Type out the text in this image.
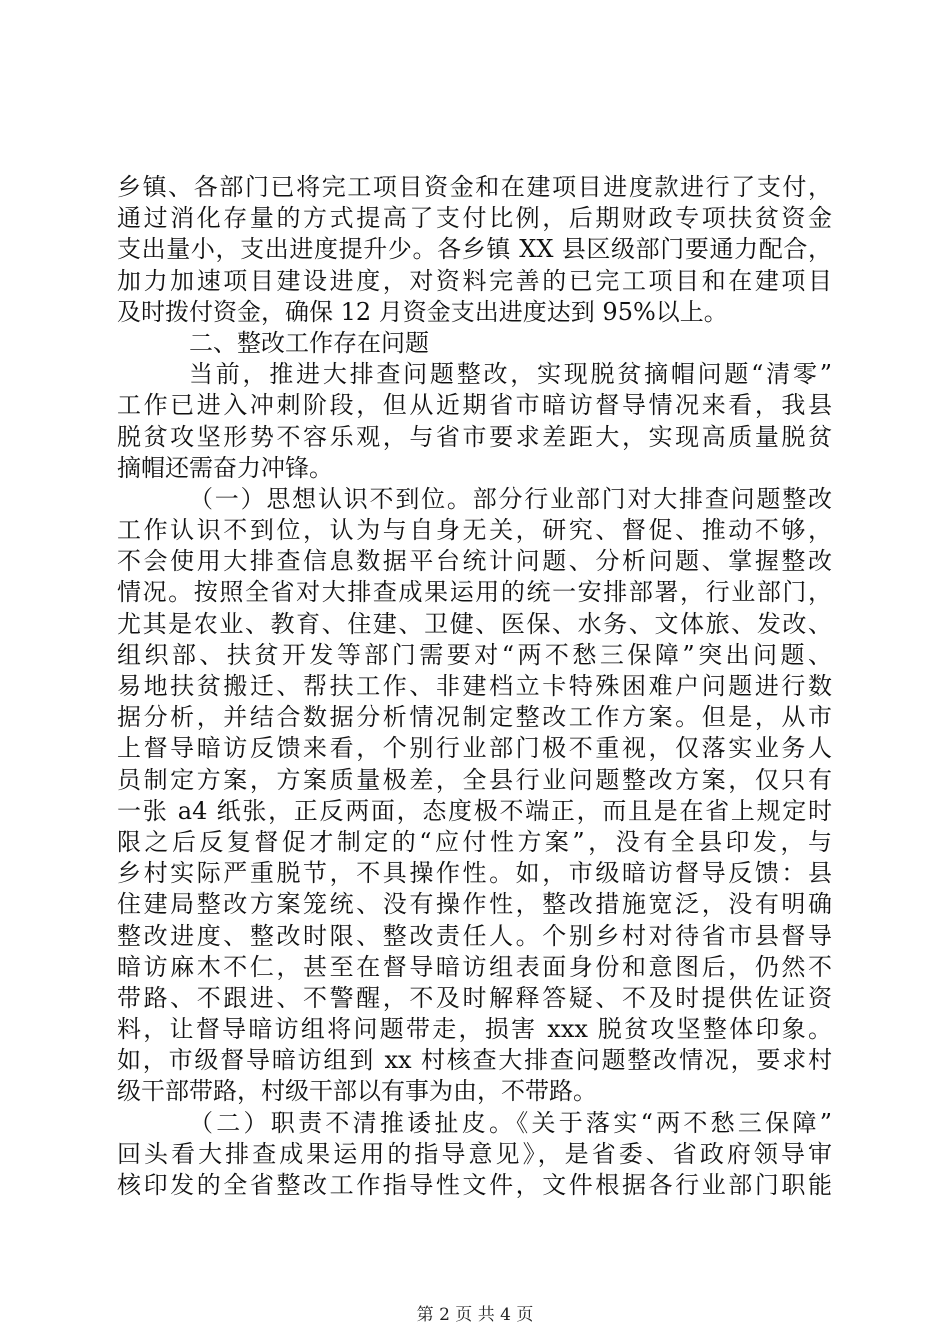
乡镇、各部门已将完工项目资金和在建项目进度款进行了支付，
通过消化存量的方式提高了支付比例，后期财政专项扶贫资金
支出量小，支出进度提升少。各乡镇 XX 县区级部门要通力配合，
加力加速项目建设进度，对资料完善的已完工项目和在建项目
及时拨付资金，确保 12 月资金支出进度达到 95%以上。
二、整改工作存在问题
当前，推进大排查问题整改，实现脱贫摘帽问题“清零”
工作已进入冲刺阶段，但从近期省市暗访督导情况来看，我县
脱贫攻坚形势不容乐观，与省市要求差距大，实现高质量脱贫
摘帽还需奋力冲锋。
（一）思想认识不到位。部分行业部门对大排查问题整改
工作认识不到位，认为与自身无关，研究、督促、推动不够，
不会使用大排查信息数据平台统计问题、分析问题、掌握整改
情况。按照全省对大排查成果运用的统一安排部署，行业部门，
尤其是农业、教育、住建、卫健、医保、水务、文体旅、发改、
组织部、扶贫开发等部门需要对“两不愁三保障”突出问题、
易地扶贫搬迁、帮扶工作、非建档立卡特殊困难户问题进行数
据分析，并结合数据分析情况制定整改工作方案。但是，从市
上督导暗访反馈来看，个别行业部门极不重视，仅落实业务人
员制定方案，方案质量极差，全县行业问题整改方案，仅只有
一张 a4 纸张，正反两面，态度极不端正，而且是在省上规定时
限之后反复督促才制定的“应付性方案”，没有全县印发，与
乡村实际严重脱节，不具操作性。如，市级暗访督导反馈：县
住建局整改方案笼统、没有操作性，整改措施宽泛，没有明确
整改进度、整改时限、整改责任人。个别乡村对待省市县督导
暗访麻木不仁，甚至在督导暗访组表面身份和意图后，仍然不
带路、不跟进、不警醒，不及时解释答疑、不及时提供佐证资
料，让督导暗访组将问题带走，损害 xxx 脱贫攻坚整体印象。
如，市级督导暗访组到 xx 村核查大排查问题整改情况，要求村
级干部带路，村级干部以有事为由，不带路。
（二）职责不清推诿扯皮。《关于落实“两不愁三保障”
回头看大排查成果运用的指导意见》，是省委、省政府领导审
核印发的全省整改工作指导性文件，文件根据各行业部门职能
第 2 页 共 4 页
